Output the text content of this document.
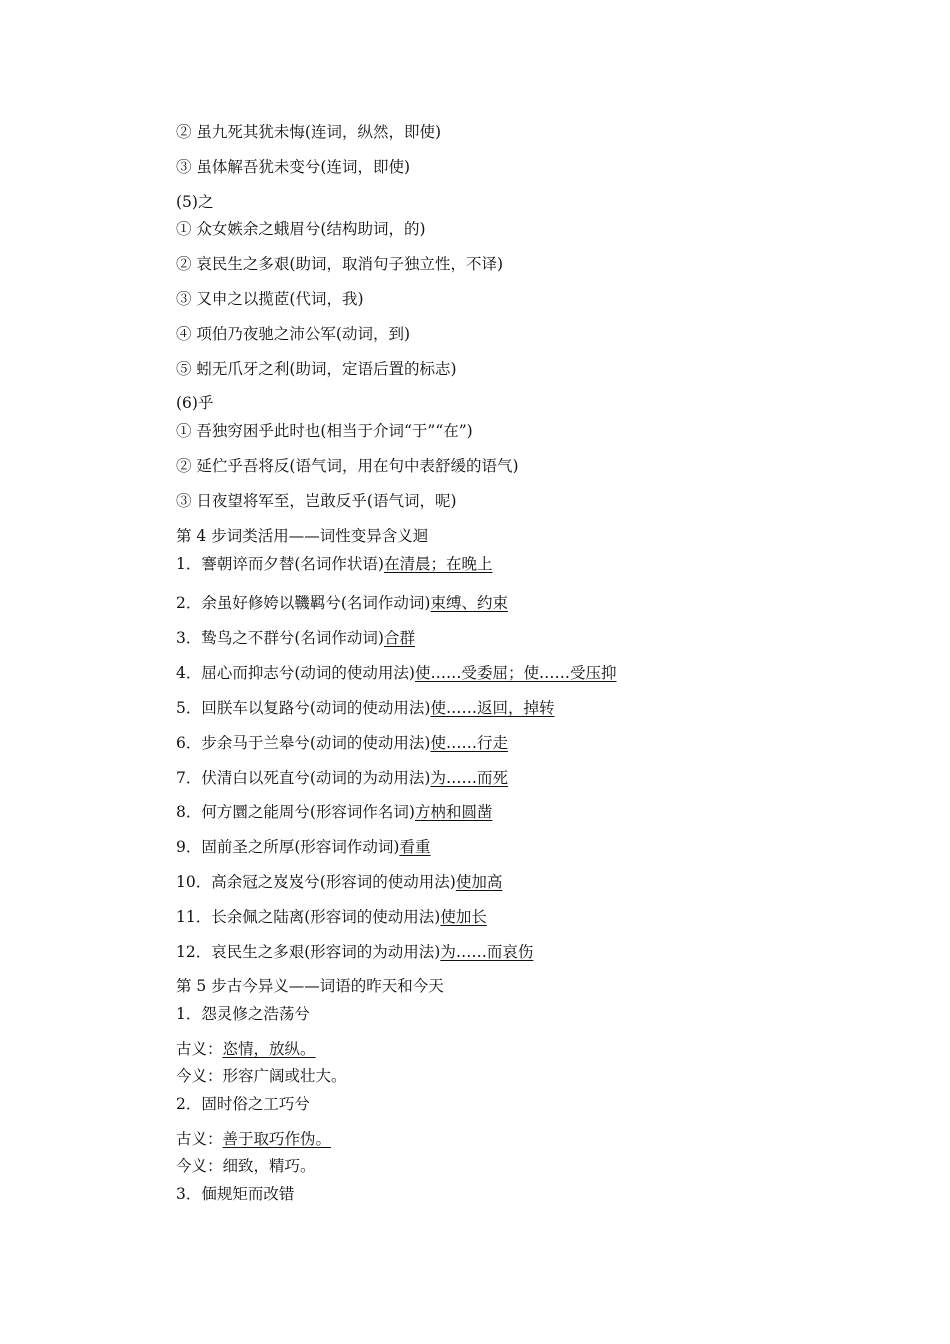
② 虽九死其犹未悔(连词，纵然，即使)

③ 虽体解吾犹未变兮(连词，即使)

(5)之

① 众女嫉余之蛾眉兮(结构助词，的)

② 哀民生之多艰(助词，取消句子独立性，不译)

③ 又申之以揽茝(代词，我)

④ 项伯乃夜驰之沛公军(动词，到)

⑤ 蚓无爪牙之利(助词，定语后置的标志)

(6)乎

① 吾独穷困乎此时也(相当于介词“于”“在”)

② 延伫乎吾将反(语气词，用在句中表舒缓的语气)

③ 日夜望将军至，岂敢反乎(语气词，呢)

第 4 步词类活用——词性变异含义迴

1．謇朝谇而夕替(名词作状语)在清晨；在晚上

2．余虽好修姱以鞿羁兮(名词作动词)束缚、约束

3．鸷鸟之不群兮(名词作动词)合群

4．屈心而抑志兮(动词的使动用法)使……受委屈；使……受压抑

5．回朕车以复路兮(动词的使动用法)使……返回，掉转

6．步余马于兰皋兮(动词的使动用法)使……行走

7．伏清白以死直兮(动词的为动用法)为……而死

8．何方圜之能周兮(形容词作名词)方枘和圆凿

9．固前圣之所厚(形容词作动词)看重

10．高余冠之岌岌兮(形容词的使动用法)使加高

11．长余佩之陆离(形容词的使动用法)使加长

12．哀民生之多艰(形容词的为动用法)为……而哀伤

第 5 步古今异义——词语的昨天和今天

1．怨灵修之浩荡兮

古义：恣情，放纵。

今义：形容广阔或壮大。

2．固时俗之工巧兮

古义：善于取巧作伪。

今义：细致，精巧。

3．偭规矩而改错
